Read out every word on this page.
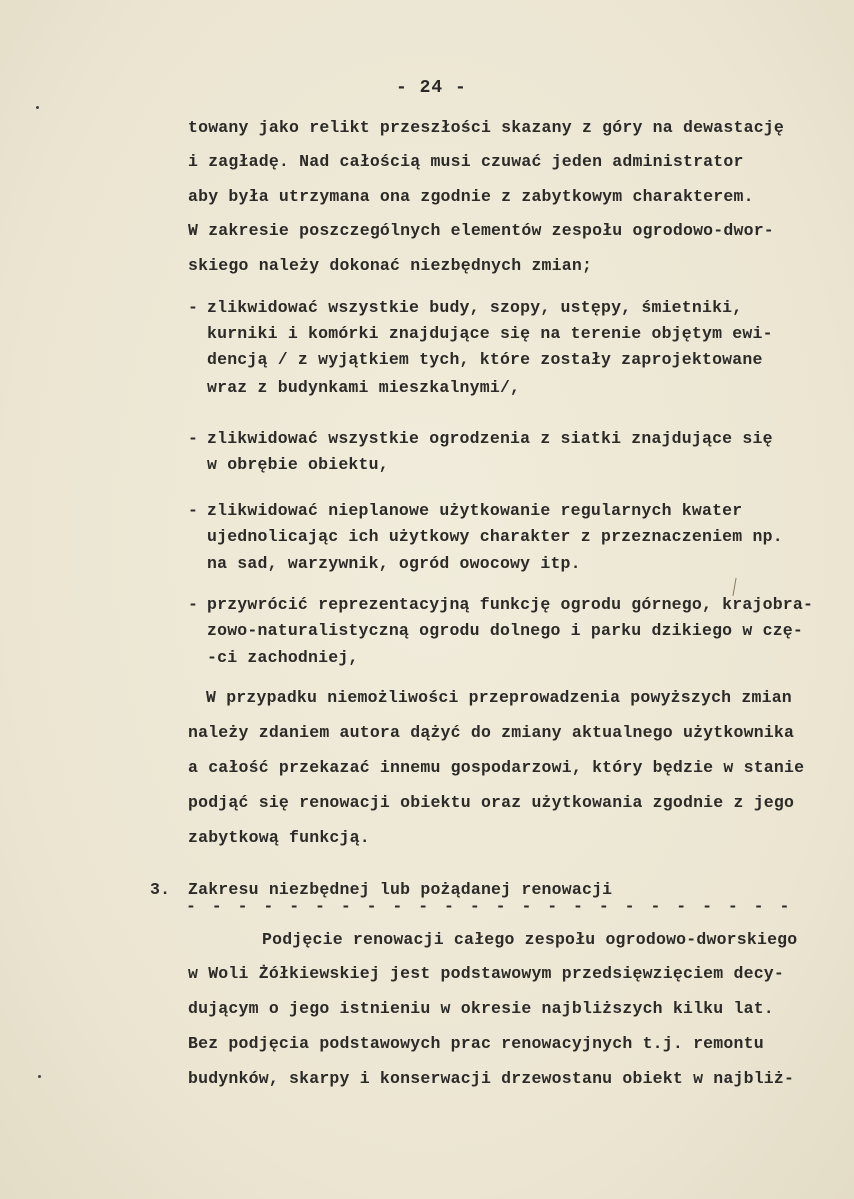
- 24 -
towany jako relikt przeszłości skazany z góry na dewastację
i zagładę. Nad całością musi czuwać jeden administrator
aby była utrzymana ona zgodnie z zabytkowym charakterem.
W zakresie poszczególnych elementów zespołu ogrodowo-dwor-
skiego należy dokonać niezbędnych zmian;
- zlikwidować wszystkie budy, szopy, ustępy, śmietniki,
kurniki i komórki znajdujące się na terenie objętym ewi-
dencją / z wyjątkiem tych, które zostały zaprojektowane
wraz z budynkami mieszkalnymi/,
- zlikwidować wszystkie ogrodzenia z siatki znajdujące się
w obrębie obiektu,
- zlikwidować nieplanowe użytkowanie regularnych kwater
ujednolicając ich użytkowy charakter z przeznaczeniem np.
na sad, warzywnik, ogród owocowy itp.
- przywrócić reprezentacyjną funkcję ogrodu górnego, krajobra-
zowo-naturalistyczną ogrodu dolnego i parku dzikiego w czę-
-ci zachodniej,
W przypadku niemożliwości przeprowadzenia powyższych zmian
należy zdaniem autora dążyć do zmiany aktualnego użytkownika
a całość przekazać innemu gospodarzowi, który będzie w stanie
podjąć się renowacji obiektu oraz użytkowania zgodnie z jego
zabytkową funkcją.
3. Zakresu niezbędnej lub pożądanej renowacji
- - - - - - - - - - - - - - - - - - - - - - - -
Podjęcie renowacji całego zespołu ogrodowo-dworskiego
w Woli Żółkiewskiej jest podstawowym przedsięwzięciem decy-
dującym o jego istnieniu w okresie najbliższych kilku lat.
Bez podjęcia podstawowych prac renowacyjnych t.j. remontu
budynków, skarpy i konserwacji drzewostanu obiekt w najbliż-
